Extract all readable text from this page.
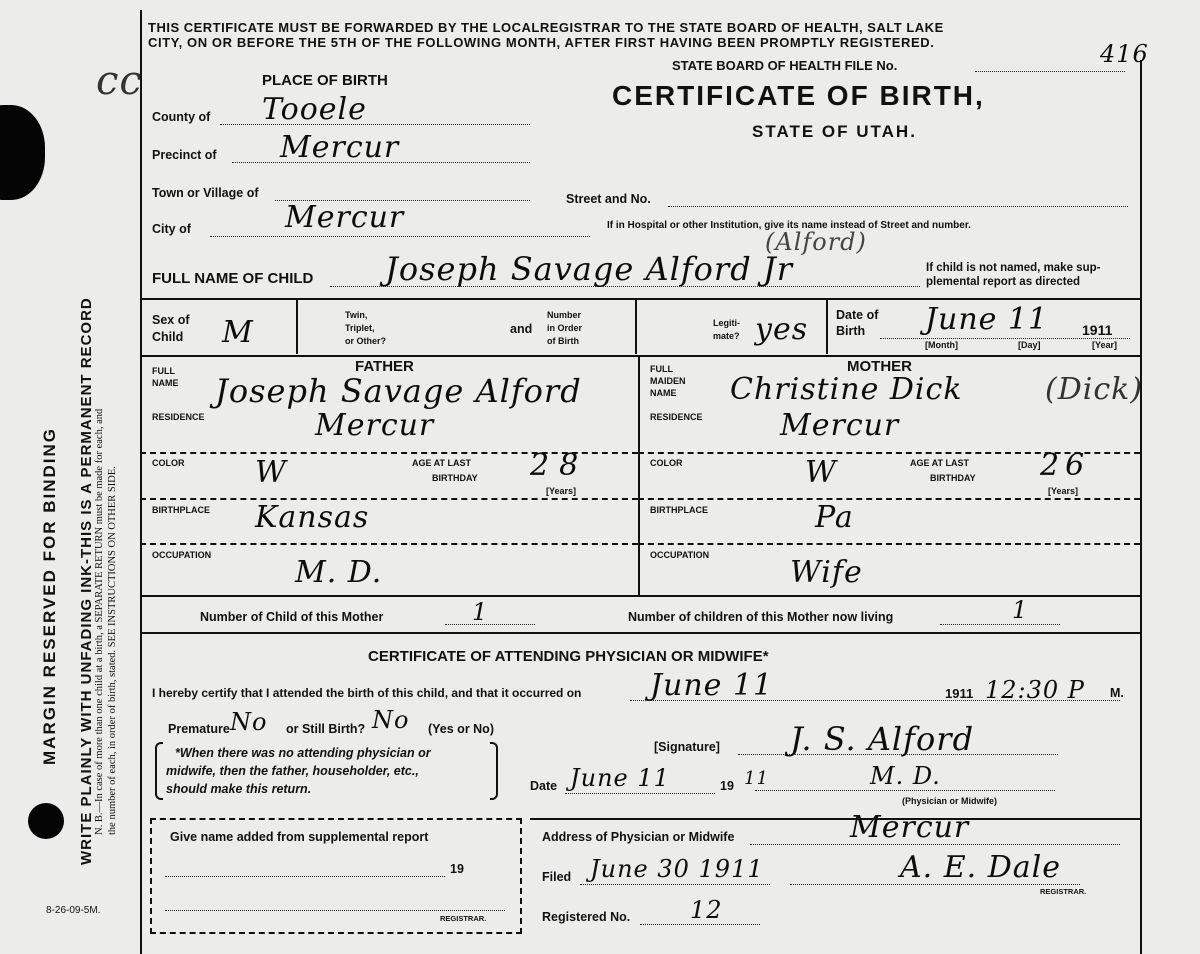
MARGIN RESERVED FOR BINDING WRITE PLAINLY WITH UNFADING INK-THIS IS A PERMANENT RECORD N. B.—In case of more than one child at a birth, a SEPARATE RETURN must be made for each, and the number of each, in order of birth, stated. SEE INSTRUCTIONS ON OTHER SIDE.
8-26-09-5M.
cc
THIS CERTIFICATE MUST BE FORWARDED BY THE LOCALREGISTRAR TO THE STATE BOARD OF HEALTH, SALT LAKE
CITY, ON OR BEFORE THE 5TH OF THE FOLLOWING MONTH, AFTER FIRST HAVING BEEN PROMPTLY REGISTERED.
STATE BOARD OF HEALTH FILE No.	416
CERTIFICATE OF BIRTH,
STATE OF UTAH.
PLACE OF BIRTH
County of Tooele
Precinct of Mercur
Town or Village of
City of	Mercur
Street and No.
If in Hospital or other Institution, give its name instead of Street and number.
FULL NAME OF CHILD Joseph Savage Alford Jr
(Alford)
If child is not named, make sup-
plemental report as directed
Sex of
Child M	Twin,
Triplet,
or Other?
and
Number
in Order
of Birth
Legiti-
mate? yes Date of
Birth June 11 1911
[Month]	[Day]	[Year]
FATHER
FULL
NAME Joseph Savage Alford
RESIDENCE	Mercur
COLOR W	AGE AT LAST
BIRTHDAY 28
[Years]
BIRTHPLACE Kansas
OCCUPATION	M. D.
MOTHER
FULL
MAIDEN
NAME Christine Dick	(Dick)
RESIDENCE	Mercur
COLOR	W	AGE AT LAST
BIRTHDAY 26
[Years]
BIRTHPLACE	Pa
OCCUPATION	Wife
Number of Child of this Mother	1	Number of children of this Mother now living	1
CERTIFICATE OF ATTENDING PHYSICIAN OR MIDWIFE*
I hereby certify that I attended the birth of this child, and that it occurred on June 11	1911 12:30 P M.
Premature No or Still Birth? No (Yes or No)
*When there was no attending physician or
midwife, then the father, householder, etc.,
should make this return.
[Signature] J. S. Alford
M. D.
(Physician or Midwife)
Date June 11	19 11
Address of Physician or Midwife	Mercur
Give name added from supplemental report
19
REGISTRAR.
Filed June 30 1911	A. E. Dale
REGISTRAR.
Registered No. 12
